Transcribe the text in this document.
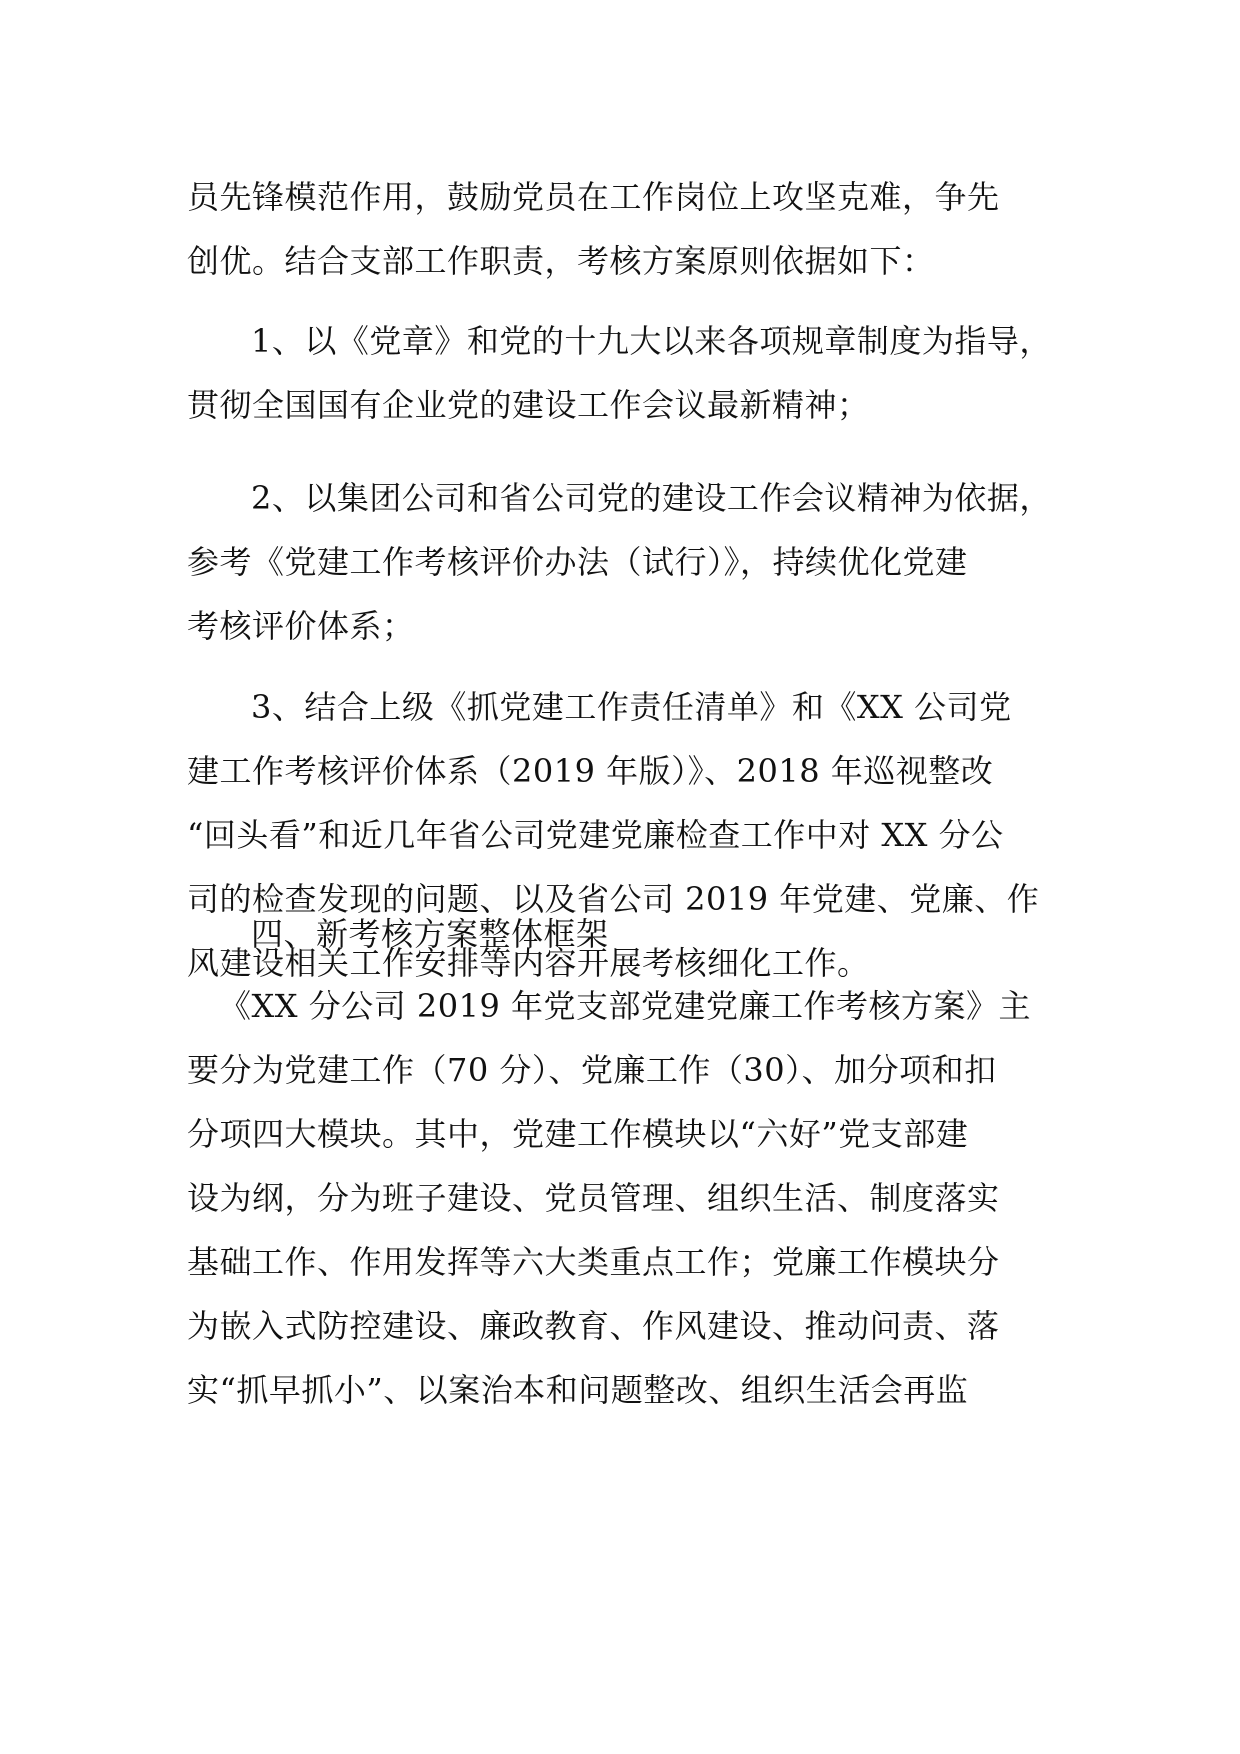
员先锋模范作用，鼓励党员在工作岗位上攻坚克难，争先
创优。结合支部工作职责，考核方案原则依据如下：
1、以《党章》和党的十九大以来各项规章制度为指导，
贯彻全国国有企业党的建设工作会议最新精神；
2、以集团公司和省公司党的建设工作会议精神为依据，
参考《党建工作考核评价办法（试行）》，持续优化党建
考核评价体系；
3、结合上级《抓党建工作责任清单》和《XX 公司党
建工作考核评价体系（2019 年版）》、2018 年巡视整改
“回头看”和近几年省公司党建党廉检查工作中对 XX 分公
司的检查发现的问题、以及省公司 2019 年党建、党廉、作
风建设相关工作安排等内容开展考核细化工作。
四、新考核方案整体框架
《XX 分公司 2019 年党支部党建党廉工作考核方案》主
要分为党建工作（70 分）、党廉工作（30）、加分项和扣
分项四大模块。其中，党建工作模块以“六好”党支部建
设为纲，分为班子建设、党员管理、组织生活、制度落实
基础工作、作用发挥等六大类重点工作；党廉工作模块分
为嵌入式防控建设、廉政教育、作风建设、推动问责、落
实“抓早抓小”、以案治本和问题整改、组织生活会再监
